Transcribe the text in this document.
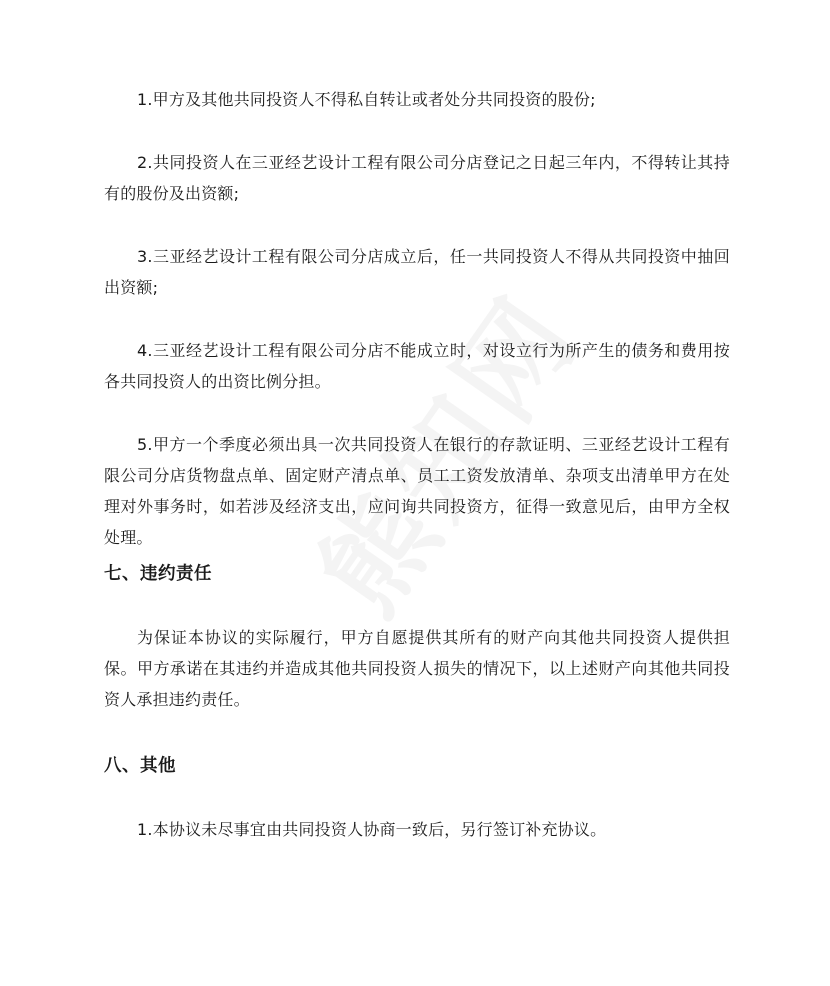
1.甲方及其他共同投资人不得私自转让或者处分共同投资的股份;

2.共同投资人在三亚经艺设计工程有限公司分店登记之日起三年内，不得转让其持有的股份及出资额;

3.三亚经艺设计工程有限公司分店成立后，任一共同投资人不得从共同投资中抽回出资额;

4.三亚经艺设计工程有限公司分店不能成立时，对设立行为所产生的债务和费用按各共同投资人的出资比例分担。

5.甲方一个季度必须出具一次共同投资人在银行的存款证明、三亚经艺设计工程有限公司分店货物盘点单、固定财产清点单、员工工资发放清单、杂项支出清单甲方在处理对外事务时，如若涉及经济支出，应问询共同投资方，征得一致意见后，由甲方全权处理。

七、违约责任

为保证本协议的实际履行，甲方自愿提供其所有的财产向其他共同投资人提供担保。甲方承诺在其违约并造成其他共同投资人损失的情况下，以上述财产向其他共同投资人承担违约责任。

八、其他

1.本协议未尽事宜由共同投资人协商一致后，另行签订补充协议。
